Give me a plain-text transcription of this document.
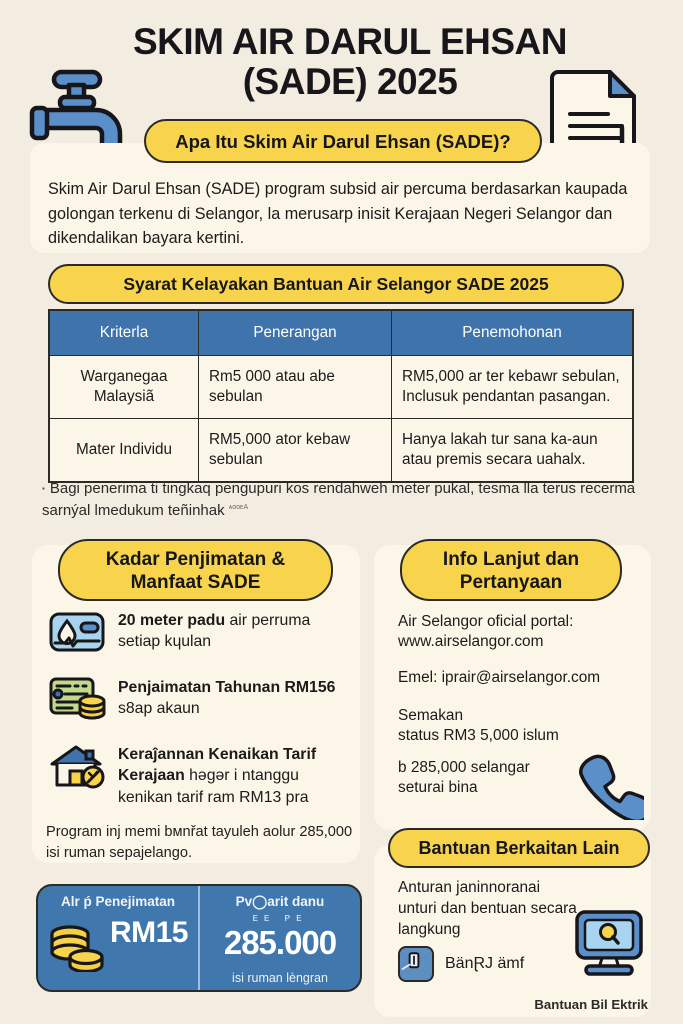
SKIM AIR DARUL EHSAN
(SADE) 2025
Apa Itu Skim Air Darul Ehsan (SADE)?
Skim Air Darul Ehsan (SADE) program subsid air percuma berdasarkan kaupada golongan terkenu di Selangor, la merusarp inisit Kerajaan Negeri Selangor dan dikendalikan bayara kertini.
Syarat Kelayakan Bantuan Air Selangor SADE 2025
Kriterla	Penerangan	Penemohonan
Warganegaa Malaysiã	Rm5 000 atau abe sebulan	RM5,000 ar ter kebawr sebulan, Inclusuk pendantan pasangan.
Mater Individu	RM5,000 ator kebaw sebulan	Hanya lakah tur sana ka-aun atau premis secara uahalx.
▪ Bagi penerima ti tingkaq pengupuri kos rendahweh meter pukal, tesma lla terus recerma sarnýal lmedukum teñinhak $^{ᴀᴏᴏᴇA}$
Kadar Penjimatan &
Manfaat SADE
20 meter padu air perruma setiap kɥulan
Penjaimatan Tahunan RM156 s8ap akaun
Keraĵannan Kenaikan Tarif Kerajaan həgər i ntanggu kenikan tarif ram RM13 pra
Program inj memi bмnřat tayuleh aolur 285,000 isi ruman sepajelango.
Alr ṕ Penejimatan
RM15
Pᴠ◯arit danu
ᴇᴇ ᴘᴇ
285.000
isi ruman lèngran
Info Lanjut dan
Pertanyaan
Air Selangor oficial portal:
www.airselangor.com
Emel: iprair@airselangor.com
Semakan
status RM3 5,000 islum
b 285,000 selangar
seturai bina
Bantuan Berkaitan Lain
Anturan janinnoranai unturi dan bentuan secara langkung
BänⱤJ ämf
Bantuan Bil Ektrik
